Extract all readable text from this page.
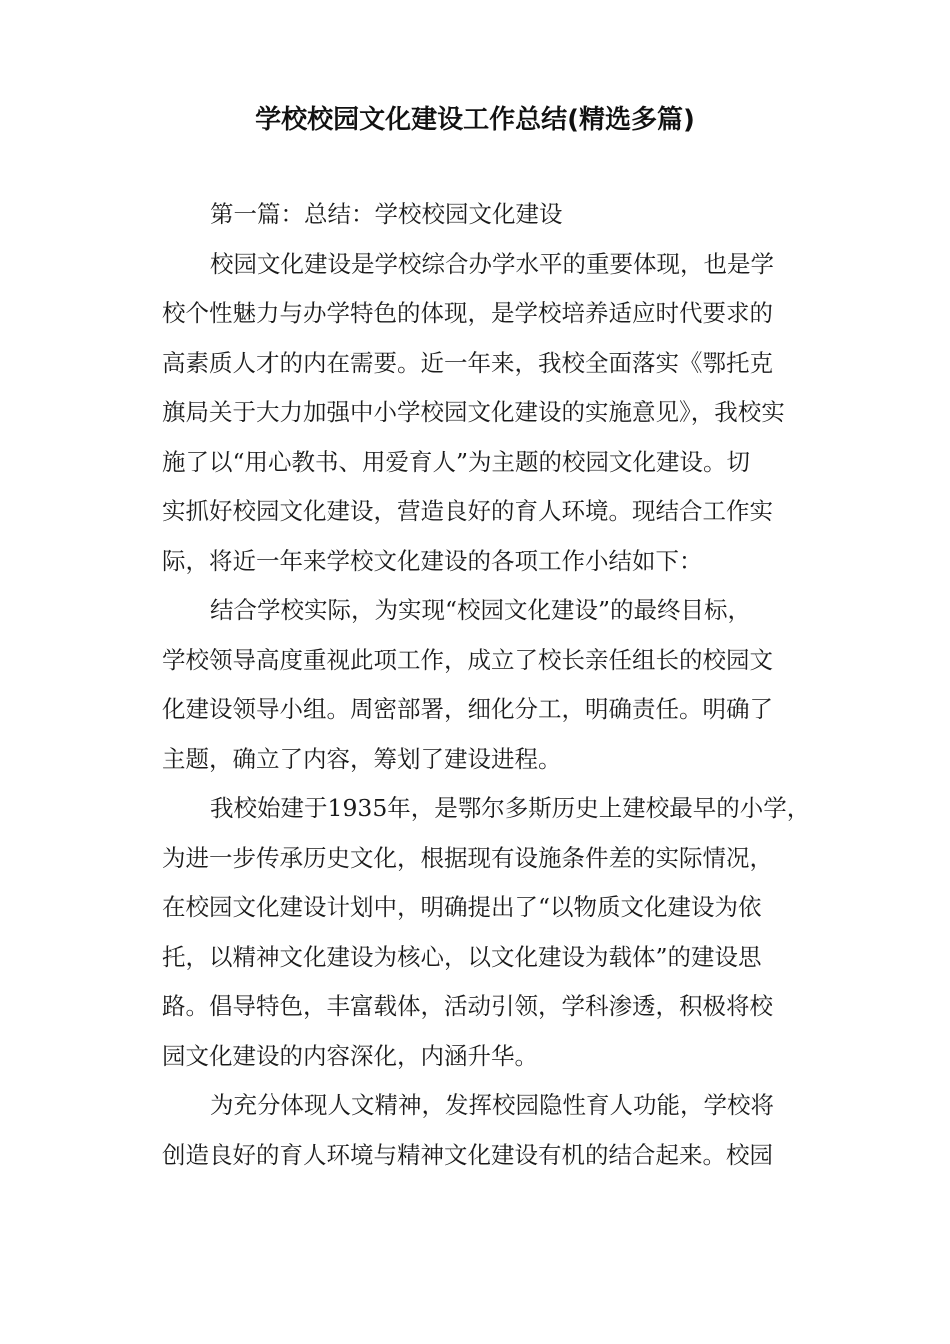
学校校园文化建设工作总结(精选多篇)
第一篇：总结：学校校园文化建设
校园文化建设是学校综合办学水平的重要体现，也是学
校个性魅力与办学特色的体现，是学校培养适应时代要求的
高素质人才的内在需要。近一年来，我校全面落实《鄂托克
旗局关于大力加强中小学校园文化建设的实施意见》，我校实
施了以“用心教书、用爱育人”为主题的校园文化建设。切
实抓好校园文化建设，营造良好的育人环境。现结合工作实
际，将近一年来学校文化建设的各项工作小结如下：
结合学校实际，为实现“校园文化建设”的最终目标，
学校领导高度重视此项工作，成立了校长亲任组长的校园文
化建设领导小组。周密部署，细化分工，明确责任。明确了
主题，确立了内容，筹划了建设进程。
我校始建于1935年，是鄂尔多斯历史上建校最早的小学，
为进一步传承历史文化，根据现有设施条件差的实际情况，
在校园文化建设计划中，明确提出了“以物质文化建设为依
托，以精神文化建设为核心，以文化建设为载体”的建设思
路。倡导特色，丰富载体，活动引领，学科渗透，积极将校
园文化建设的内容深化，内涵升华。
为充分体现人文精神，发挥校园隐性育人功能，学校将
创造良好的育人环境与精神文化建设有机的结合起来。校园
